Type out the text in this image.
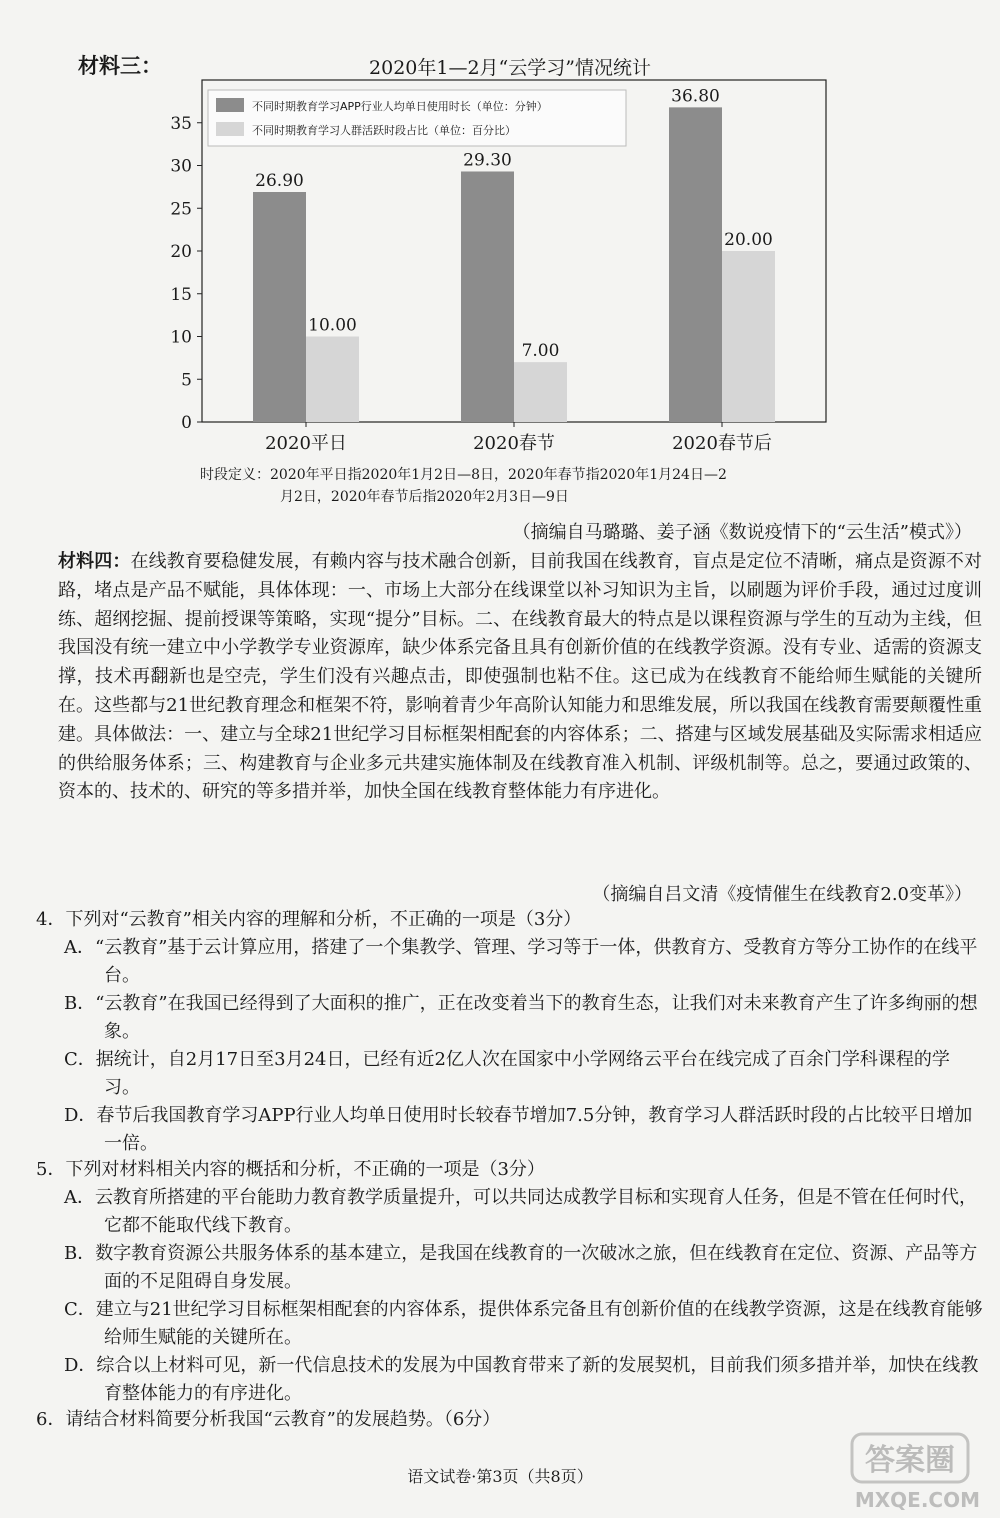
材料三：	2020年1—2月“云学习”情况统计
0
5
10
15
20
25
30
35
2020平日
26.90
10.00
2020春节
29.30
7.00
2020春节后
36.80
20.00
不同时期教育学习APP行业人均单日使用时长（单位：分钟）
不同时期教育学习人群活跃时段占比（单位：百分比）
时段定义：2020年平日指2020年1月2日—8日，2020年春节指2020年1月24日—2
月2日，2020年春节后指2020年2月3日—9日
（摘编自马璐璐、姜子涵《数说疫情下的“云生活”模式》）
材料四：在线教育要稳健发展，有赖内容与技术融合创新，目前我国在线教育，盲点是定位不清晰，痛点是资源不对路，堵点是产品不赋能，具体体现：一、市场上大部分在线课堂以补习知识为主旨，以刷题为评价手段，通过过度训练、超纲挖掘、提前授课等策略，实现“提分”目标。二、在线教育最大的特点是以课程资源与学生的互动为主线，但我国没有统一建立中小学教学专业资源库，缺少体系完备且具有创新价值的在线教学资源。没有专业、适需的资源支撑，技术再翻新也是空壳，学生们没有兴趣点击，即使强制也粘不住。这已成为在线教育不能给师生赋能的关键所在。这些都与21世纪教育理念和框架不符，影响着青少年高阶认知能力和思维发展，所以我国在线教育需要颠覆性重建。具体做法：一、建立与全球21世纪学习目标框架相配套的内容体系；二、搭建与区域发展基础及实际需求相适应的供给服务体系；三、构建教育与企业多元共建实施体制及在线教育准入机制、评级机制等。总之，要通过政策的、资本的、技术的、研究的等多措并举，加快全国在线教育整体能力有序进化。
（摘编自吕文清《疫情催生在线教育2.0变革》）
4．下列对“云教育”相关内容的理解和分析，不正确的一项是（3分）
A．“云教育”基于云计算应用，搭建了一个集教学、管理、学习等于一体，供教育方、受教育方等分工协作的在线平台。
B．“云教育”在我国已经得到了大面积的推广，正在改变着当下的教育生态，让我们对未来教育产生了许多绚丽的想象。
C．据统计，自2月17日至3月24日，已经有近2亿人次在国家中小学网络云平台在线完成了百余门学科课程的学习。
D．春节后我国教育学习APP行业人均单日使用时长较春节增加7.5分钟，教育学习人群活跃时段的占比较平日增加一倍。
5．下列对材料相关内容的概括和分析，不正确的一项是（3分）
A．云教育所搭建的平台能助力教育教学质量提升，可以共同达成教学目标和实现育人任务，但是不管在任何时代，它都不能取代线下教育。
B．数字教育资源公共服务体系的基本建立，是我国在线教育的一次破冰之旅，但在线教育在定位、资源、产品等方面的不足阻碍自身发展。
C．建立与21世纪学习目标框架相配套的内容体系，提供体系完备且有创新价值的在线教学资源，这是在线教育能够给师生赋能的关键所在。
D．综合以上材料可见，新一代信息技术的发展为中国教育带来了新的发展契机，目前我们须多措并举，加快在线教育整体能力的有序进化。
6．请结合材料简要分析我国“云教育”的发展趋势。（6分）
语文试卷·第3页（共8页）	答案圈
MXQE.COM
